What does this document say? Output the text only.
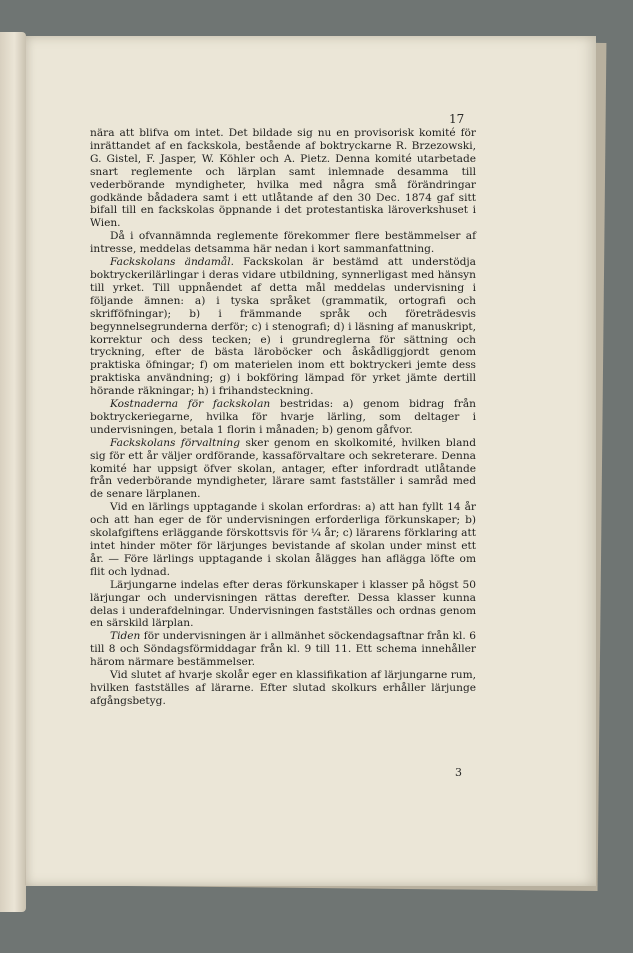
17

nära att blifva om intet. Det bildade sig nu en provisorisk komité för inrättandet af en fackskola, bestående af boktryckarne R. Brzezowski, G. Gistel, F. Jasper, W. Köhler och A. Pietz. Denna komité utarbetade snart reglemente och lärplan samt inlemnade desamma till vederbörande myndigheter, hvilka med några små förändringar godkände bådadera samt i ett utlåtande af den 30 Dec. 1874 gaf sitt bifall till en fackskolas öppnande i det protestantiska läroverkshuset i Wien.

Då i ofvannämnda reglemente förekommer flere bestämmelser af intresse, meddelas detsamma här nedan i kort sammanfattning.

Fackskolans ändamål. Fackskolan är bestämd att understödja boktryckerilärlingar i deras vidare utbildning, synnerligast med hänsyn till yrket. Till uppnåendet af detta mål meddelas undervisning i följande ämnen: a) i tyska språket (grammatik, ortografi och skrifföfningar); b) i främmande språk och företrädesvis begynnelsegrunderna derför; c) i stenografi; d) i läsning af manuskript, korrektur och dess tecken; e) i grundreglerna för sättning och tryckning, efter de bästa läroböcker och åskådliggjordt genom praktiska öfningar; f) om materielen inom ett boktryckeri jemte dess praktiska användning; g) i bokföring lämpad för yrket jämte dertill hörande räkningar; h) i frihandsteckning.

Kostnaderna för fackskolan bestridas: a) genom bidrag från boktryckeriegarne, hvilka för hvarje lärling, som deltager i undervisningen, betala 1 florin i månaden; b) genom gåfvor.

Fackskolans förvaltning sker genom en skolkomité, hvilken bland sig för ett år väljer ordförande, kassaförvaltare och sekreterare. Denna komité har uppsigt öfver skolan, antager, efter infordradt utlåtande från vederbörande myndigheter, lärare samt fastställer i samråd med de senare lärplanen.

Vid en lärlings upptagande i skolan erfordras: a) att han fyllt 14 år och att han eger de för undervisningen erforderliga förkunskaper; b) skolafgiftens erläggande förskottsvis för ¼ år; c) lärarens förklaring att intet hinder möter för lärjunges bevistande af skolan under minst ett år. — Före lärlings upptagande i skolan ålägges han aflägga löfte om flit och lydnad.

Lärjungarne indelas efter deras förkunskaper i klasser på högst 50 lärjungar och undervisningen rättas derefter. Dessa klasser kunna delas i underafdelningar. Undervisningen fastställes och ordnas genom en särskild lärplan.

Tiden för undervisningen är i allmänhet söckendagsaftnar från kl. 6 till 8 och Söndagsförmiddagar från kl. 9 till 11. Ett schema innehåller härom närmare bestämmelser.

Vid slutet af hvarje skolår eger en klassifikation af lärjungarne rum, hvilken fastställes af lärarne. Efter slutad skolkurs erhåller lärjunge afgångsbetyg.

3
